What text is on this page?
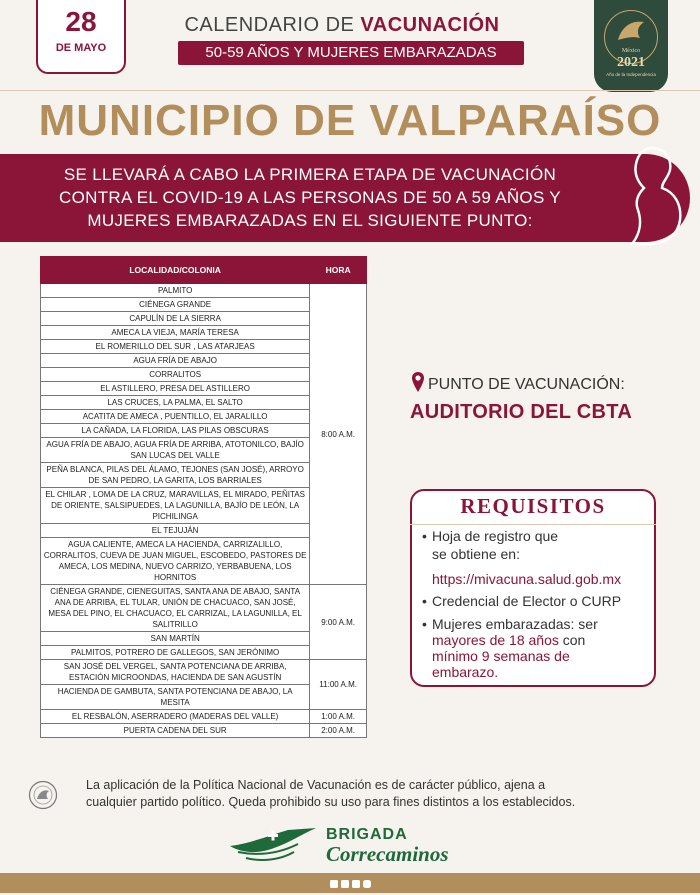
28
DE MAYO
CALENDARIO DE VACUNACIÓN
50-59 AÑOS Y MUJERES EMBARAZADAS	México
2021
Año de la Independencia
MUNICIPIO DE VALPARAÍSO
SE LLEVARÁ A CABO LA PRIMERA ETAPA DE VACUNACIÓN
CONTRA EL COVID-19 A LAS PERSONAS DE 50 A 59 AÑOS Y
MUJERES EMBARAZADAS EN EL SIGUIENTE PUNTO:
LOCALIDAD/COLONIA	HORA
PALMITO	8:00 A.M.
CIÉNEGA GRANDE	
CAPULÍN DE LA SIERRA	
AMECA LA VIEJA, MARÍA TERESA	
EL ROMERILLO DEL SUR , LAS ATARJEAS	
AGUA FRÍA DE ABAJO	
CORRALITOS	
EL ASTILLERO, PRESA DEL ASTILLERO	
LAS CRUCES, LA PALMA, EL SALTO	
ACATITA DE AMECA , PUENTILLO, EL JARALILLO	
LA CAÑADA, LA FLORIDA, LAS PILAS OBSCURAS	
AGUA FRÍA DE ABAJO, AGUA FRÍA DE ARRIBA, ATOTONILCO, BAJÍO SAN LUCAS DEL VALLE	
PEÑA BLANCA, PILAS DEL ÁLAMO, TEJONES (SAN JOSÉ), ARROYO DE SAN PEDRO, LA GARITA, LOS BARRIALES	
EL CHILAR , LOMA DE LA CRUZ, MARAVILLAS, EL MIRADO, PEÑITAS DE ORIENTE, SALSIPUEDES, LA LAGUNILLA, BAJÍO DE LEÓN, LA PICHILINGA	
EL TEJUJÁN	
AGUA CALIENTE, AMECA LA HACIENDA, CARRIZALILLO, CORRALITOS, CUEVA DE JUAN MIGUEL, ESCOBEDO, PASTORES DE AMECA, LOS MEDINA, NUEVO CARRIZO, YERBABUENA, LOS HORNITOS	
CIÉNEGA GRANDE, CIENEGUITAS, SANTA ANA DE ABAJO, SANTA ANA DE ARRIBA, EL TULAR, UNIÓN DE CHACUACO, SAN JOSÉ, MESA DEL PINO, EL CHACUACO, EL CARRIZAL, LA LAGUNILLA, EL SALITRILLO	9:00 A.M.
SAN MARTÍN	
PALMITOS, POTRERO DE GALLEGOS, SAN JERÓNIMO	
SAN JOSÉ DEL VERGEL, SANTA POTENCIANA DE ARRIBA, ESTACIÓN MICROONDAS, HACIENDA DE SAN AGUSTÍN	11:00 A.M.
HACIENDA DE GAMBUTA, SANTA POTENCIANA DE ABAJO, LA MESITA	
EL RESBALÓN, ASERRADERO (MADERAS DEL VALLE)	1:00 A.M.
PUERTA CADENA DEL SUR	2:00 A.M.
PUNTO DE VACUNACIÓN:
AUDITORIO DEL CBTA
REQUISITOS
• Hoja de registro que
se obtiene en:
https://mivacuna.salud.gob.mx
• Credencial de Elector o CURP
• Mujeres embarazadas: ser
mayores de 18 años con
mínimo 9 semanas de
embarazo.
La aplicación de la Política Nacional de Vacunación es de carácter público, ajena a
cualquier partido político. Queda prohibido su uso para fines distintos a los establecidos.
BRIGADA
Correcaminos
